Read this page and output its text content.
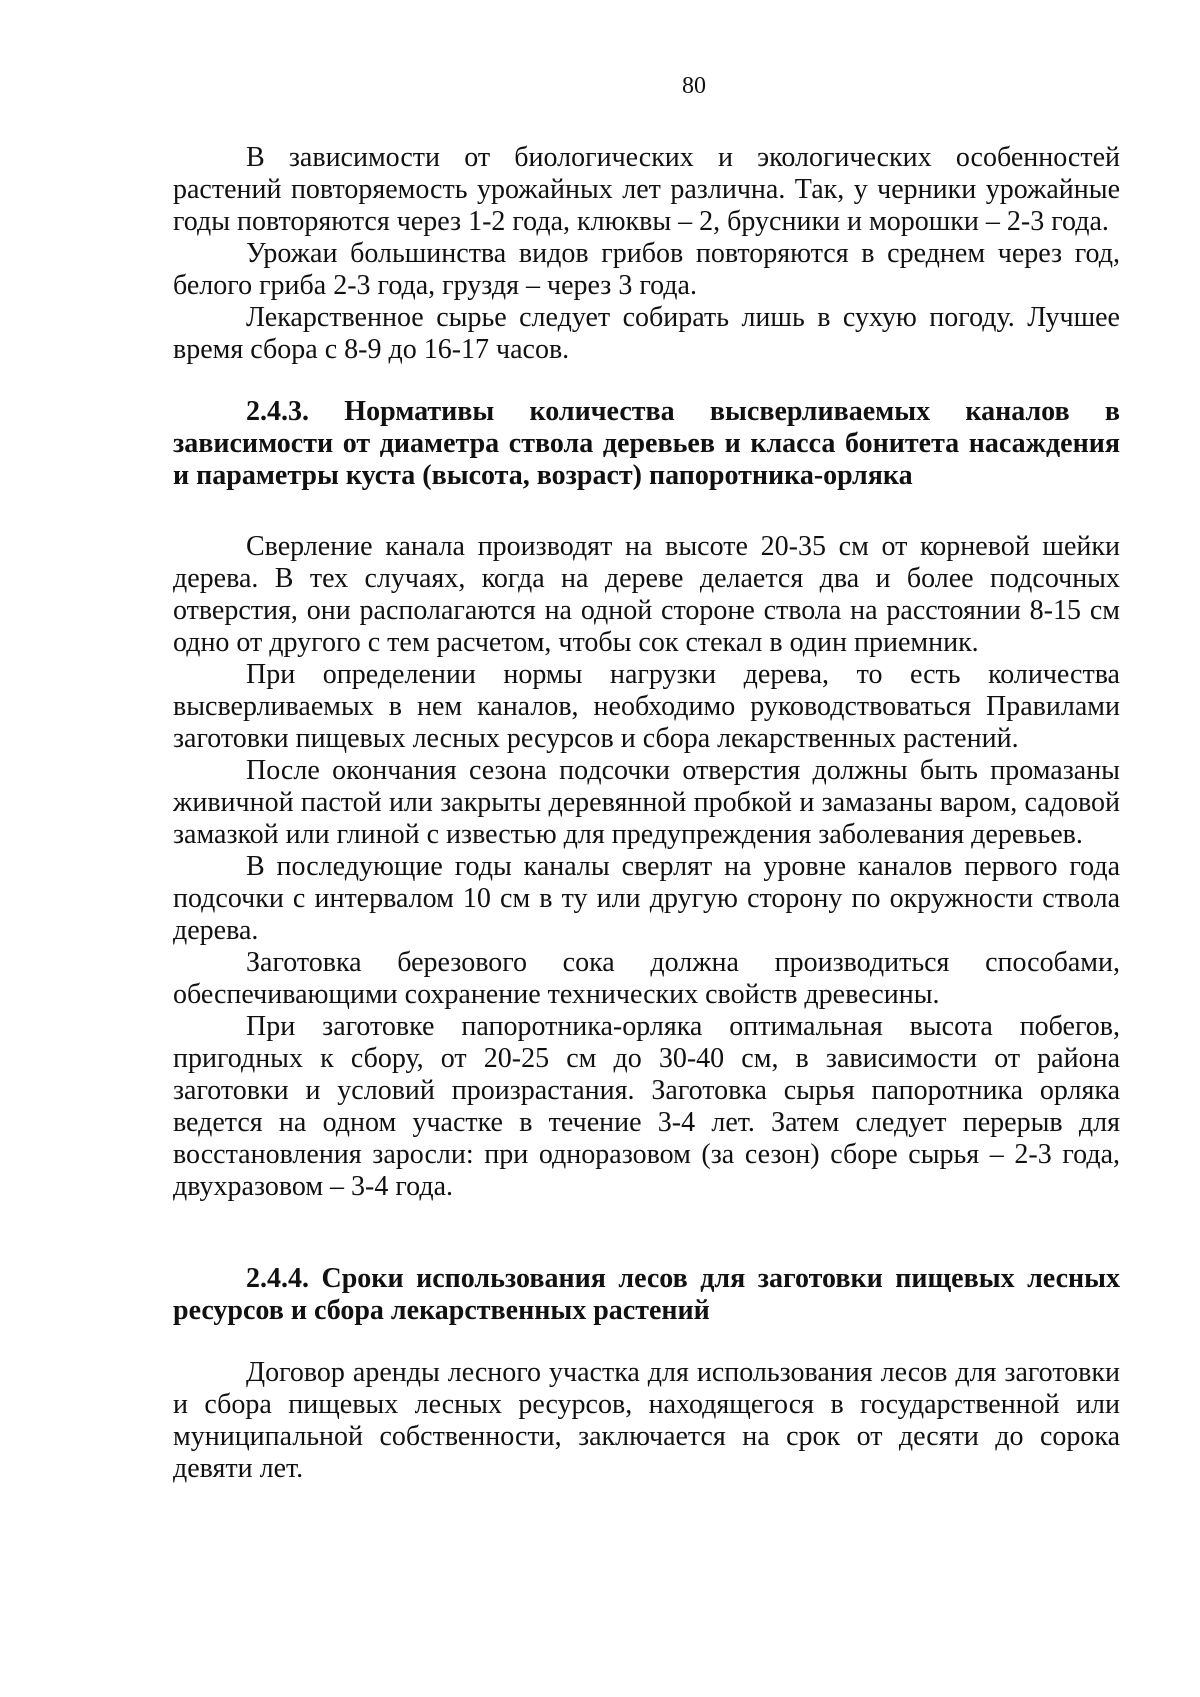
80

В зависимости от биологических и экологических особенностей растений повторяемость урожайных лет различна. Так, у черники урожайные годы повторяются через 1-2 года, клюквы – 2, брусники и морошки – 2-3 года.

Урожаи большинства видов грибов повторяются в среднем через год, белого гриба 2-3 года, груздя – через 3 года.

Лекарственное сырье следует собирать лишь в сухую погоду. Лучшее время сбора с 8-9 до 16-17 часов.

2.4.3. Нормативы количества высверливаемых каналов в зависимости от диаметра ствола деревьев и класса бонитета насаждения и параметры куста (высота, возраст) папоротника-орляка

Сверление канала производят на высоте 20-35 см от корневой шейки дерева. В тех случаях, когда на дереве делается два и более подсочных отверстия, они располагаются на одной стороне ствола на расстоянии 8-15 см одно от другого с тем расчетом, чтобы сок стекал в один приемник.

При определении нормы нагрузки дерева, то есть количества высверливаемых в нем каналов, необходимо руководствоваться Правилами заготовки пищевых лесных ресурсов и сбора лекарственных растений.

После окончания сезона подсочки отверстия должны быть промазаны живичной пастой или закрыты деревянной пробкой и замазаны варом, садовой замазкой или глиной с известью для предупреждения заболевания деревьев.

В последующие годы каналы сверлят на уровне каналов первого года подсочки с интервалом 10 см в ту или другую сторону по окружности ствола дерева.

Заготовка березового сока должна производиться способами, обеспечивающими сохранение технических свойств древесины.

При заготовке папоротника-орляка оптимальная высота побегов, пригодных к сбору, от 20-25 см до 30-40 см, в зависимости от района заготовки и условий произрастания. Заготовка сырья папоротника орляка ведется на одном участке в течение 3-4 лет. Затем следует перерыв для восстановления заросли: при одноразовом (за сезон) сборе сырья – 2-3 года, двухразовом – 3-4 года.

2.4.4. Сроки использования лесов для заготовки пищевых лесных ресурсов и сбора лекарственных растений

Договор аренды лесного участка для использования лесов для заготовки и сбора пищевых лесных ресурсов, находящегося в государственной или муниципальной собственности, заключается на срок от десяти до сорока девяти лет.
